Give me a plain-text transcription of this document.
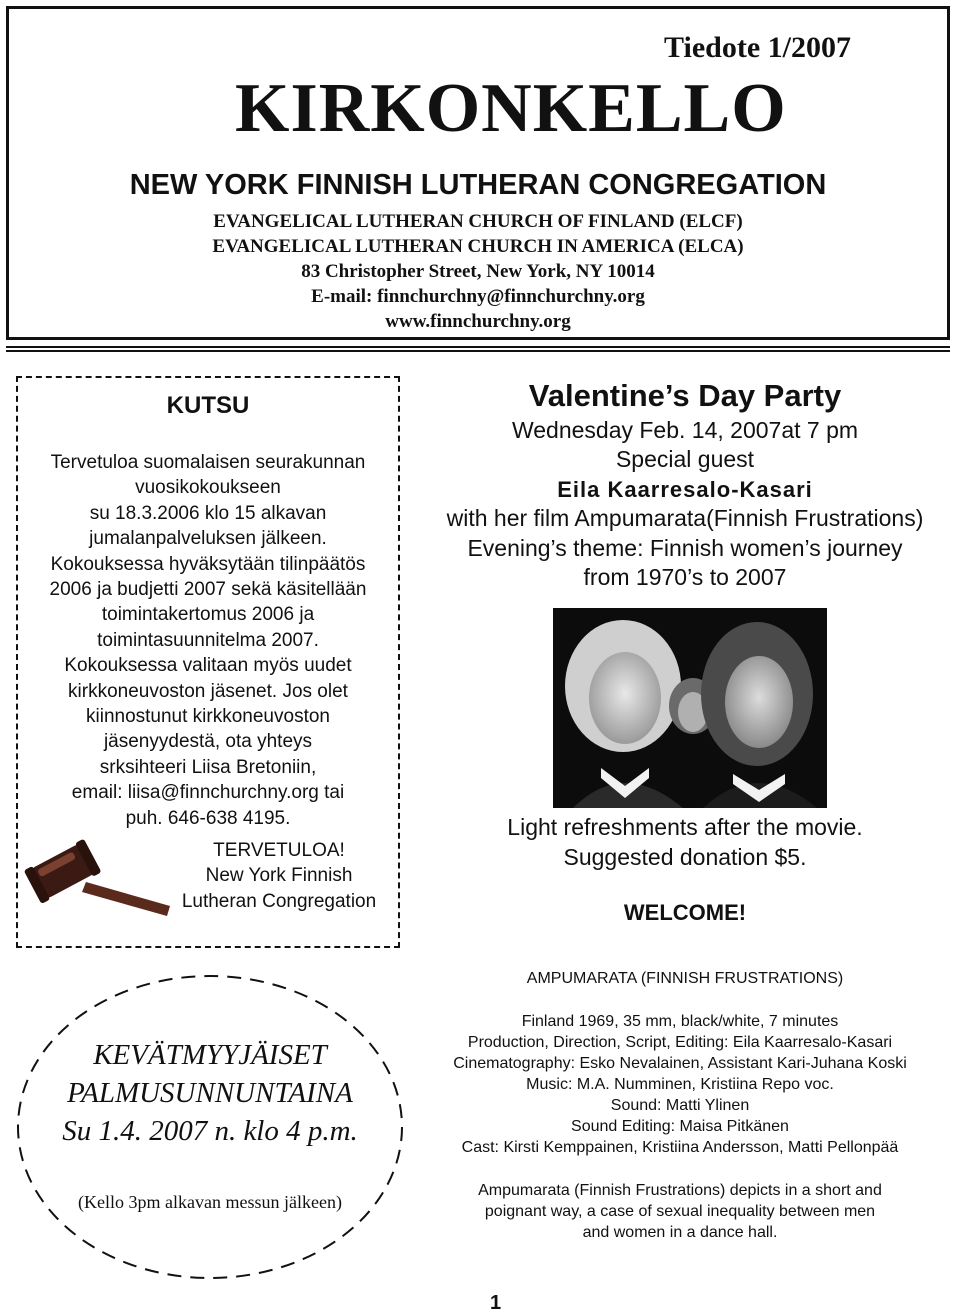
Tiedote 1/2007
KIRKONKELLO
NEW YORK FINNISH LUTHERAN CONGREGATION
EVANGELICAL LUTHERAN CHURCH OF FINLAND (ELCF)
EVANGELICAL LUTHERAN CHURCH IN AMERICA (ELCA)
83 Christopher Street, New York, NY 10014
E-mail: finnchurchny@finnchurchny.org
www.finnchurchny.org
KUTSU
Tervetuloa suomalaisen seurakunnan
vuosikokoukseen
su 18.3.2006 klo 15 alkavan
jumalanpalveluksen jälkeen.
Kokouksessa hyväksytään tilinpäätös
2006 ja budjetti 2007 sekä käsitellään
toimintakertomus 2006 ja
toimintasuunnitelma 2007.
Kokouksessa valitaan myös uudet
kirkkoneuvoston jäsenet. Jos olet
kiinnostunut kirkkoneuvoston
jäsenyydestä, ota yhteys
srksihteeri Liisa Bretoniin,
email: liisa@finnchurchny.org tai
puh. 646-638 4195.
TERVETULOA!
New York Finnish
Lutheran Congregation
Valentine’s Day Party
Wednesday Feb. 14, 2007at 7 pm
Special guest
Eila Kaarresalo-Kasari
with her film Ampumarata(Finnish Frustrations)
Evening’s theme: Finnish women’s journey
from 1970’s to 2007
Light refreshments after the movie.
Suggested donation $5.
WELCOME!
KEVÄTMYYJÄISET
PALMUSUNNUNTAINA
Su 1.4. 2007 n. klo 4 p.m.
(Kello 3pm alkavan messun jälkeen)
AMPUMARATA (FINNISH FRUSTRATIONS)
Finland 1969, 35 mm, black/white, 7 minutes
Production, Direction, Script, Editing: Eila Kaarresalo-Kasari
Cinematography: Esko Nevalainen, Assistant Kari-Juhana Koski
Music: M.A. Numminen, Kristiina Repo voc.
Sound: Matti Ylinen
Sound Editing: Maisa Pitkänen
Cast: Kirsti Kemppainen, Kristiina Andersson, Matti Pellonpää
Ampumarata (Finnish Frustrations) depicts in a short and
poignant way, a case of sexual inequality between men
and women in a dance hall.
1
